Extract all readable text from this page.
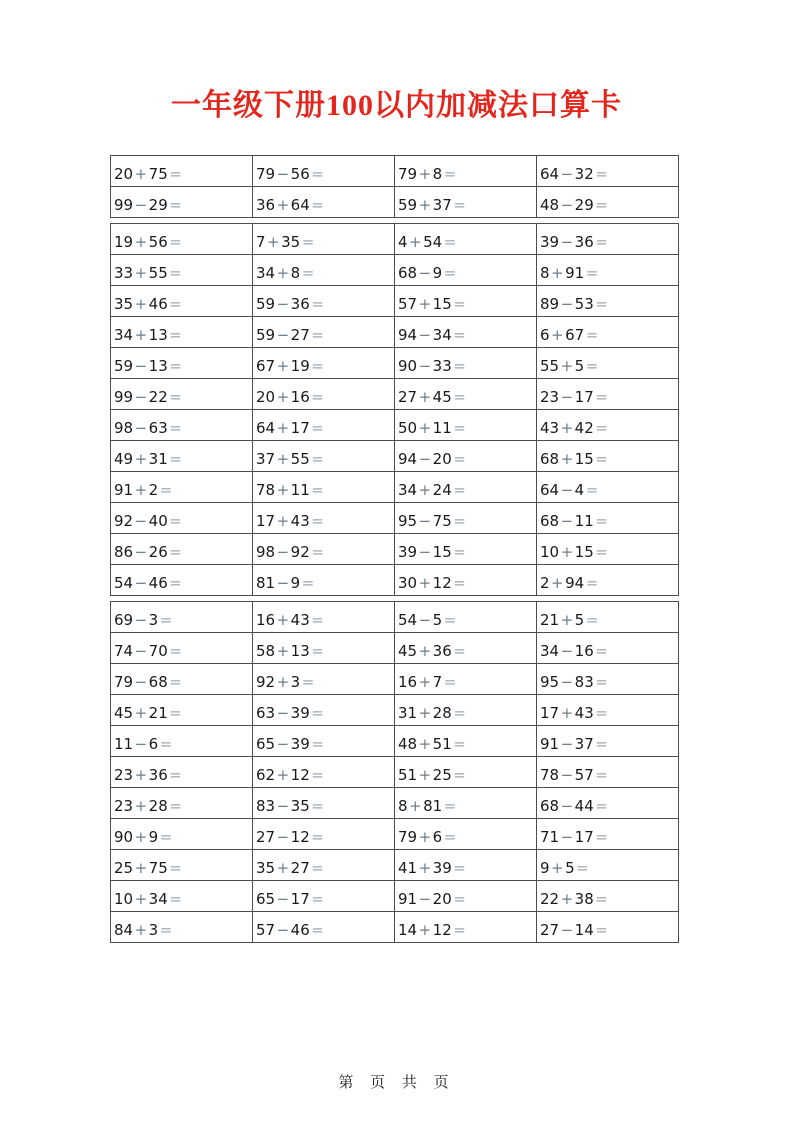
一年级下册100以内加减法口算卡
20 + 75 =	79 − 56 =	79 + 8 =	64 − 32 =
99 − 29 =	36 + 64 =	59 + 37 =	48 − 29 =
19 + 56 =	7 + 35 =	4 + 54 =	39 − 36 =
33 + 55 =	34 + 8 =	68 − 9 =	8 + 91 =
35 + 46 =	59 − 36 =	57 + 15 =	89 − 53 =
34 + 13 =	59 − 27 =	94 − 34 =	6 + 67 =
59 − 13 =	67 + 19 =	90 − 33 =	55 + 5 =
99 − 22 =	20 + 16 =	27 + 45 =	23 − 17 =
98 − 63 =	64 + 17 =	50 + 11 =	43 + 42 =
49 + 31 =	37 + 55 =	94 − 20 =	68 + 15 =
91 + 2 =	78 + 11 =	34 + 24 =	64 − 4 =
92 − 40 =	17 + 43 =	95 − 75 =	68 − 11 =
86 − 26 =	98 − 92 =	39 − 15 =	10 + 15 =
54 − 46 =	81 − 9 =	30 + 12 =	2 + 94 =
69 − 3 =	16 + 43 =	54 − 5 =	21 + 5 =
74 − 70 =	58 + 13 =	45 + 36 =	34 − 16 =
79 − 68 =	92 + 3 =	16 + 7 =	95 − 83 =
45 + 21 =	63 − 39 =	31 + 28 =	17 + 43 =
11 − 6 =	65 − 39 =	48 + 51 =	91 − 37 =
23 + 36 =	62 + 12 =	51 + 25 =	78 − 57 =
23 + 28 =	83 − 35 =	8 + 81 =	68 − 44 =
90 + 9 =	27 − 12 =	79 + 6 =	71 − 17 =
25 + 75 =	35 + 27 =	41 + 39 =	9 + 5 =
10 + 34 =	65 − 17 =	91 − 20 =	22 + 38 =
84 + 3 =	57 − 46 =	14 + 12 =	27 − 14 =
第 页 共 页
